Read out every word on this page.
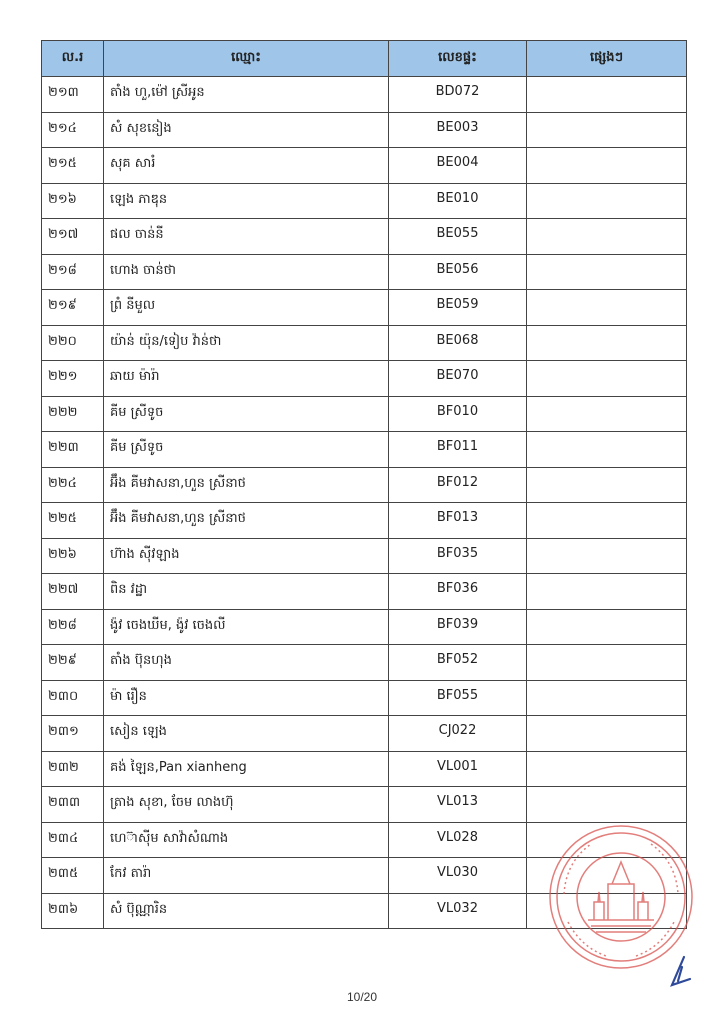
ល.រ	ឈ្មោះ	លេខផ្ទះ	ផ្សេងៗ
២១៣	តាំង ហួ,ម៉ៅ ស្រីអូន	BD072	
២១៤	សំ សុខនៀង	BE003	
២១៥	សុគ សារំ	BE004	
២១៦	ឡេង ភាឌុន	BE010	
២១៧	ផល ចាន់នី	BE055	
២១៨	ហោង ចាន់ថា	BE056	
២១៩	ព្រំ នីមួល	BE059	
២២០	យ៉ាន់ យ៉ុន/ទៀប វ៉ាន់ថា	BE068	
២២១	ឆាយ ម៉ារ៉ា	BE070	
២២២	គីម ស្រីទូច	BF010	
២២៣	គីម ស្រីទូច	BF011	
២២៤	អ៊ឹង គីមវាសនា,ហួន ស្រីនាថ	BF012	
២២៥	អ៊ឹង គីមវាសនា,ហួន ស្រីនាថ	BF013	
២២៦	ហ៊ាង ស៊ីវឡាង	BF035	
២២៧	ពិន វដ្ឋា	BF036	
២២៨	ង៉ូវ ចេងឃីម, ង៉ូវ ចេងលី	BF039	
២២៩	តាំង ប៊ុនហុង	BF052	
២៣០	ម៉ា រឿន	BF055	
២៣១	សៀន ឡេង	CJ022	
២៣២	គង់ ឡៃន,Pan xianheng	VL001	
២៣៣	ត្រាង សុខា, ចែម លាងហ៊ុ	VL013	
២៣៤	ហេ៊ាស៊ីម សាវ៉ាសំណាង	VL028	
២៣៥	កែវ តារ៉ា	VL030	
២៣៦	សំ ប៊ុណ្ណារិន	VL032	
10/20
